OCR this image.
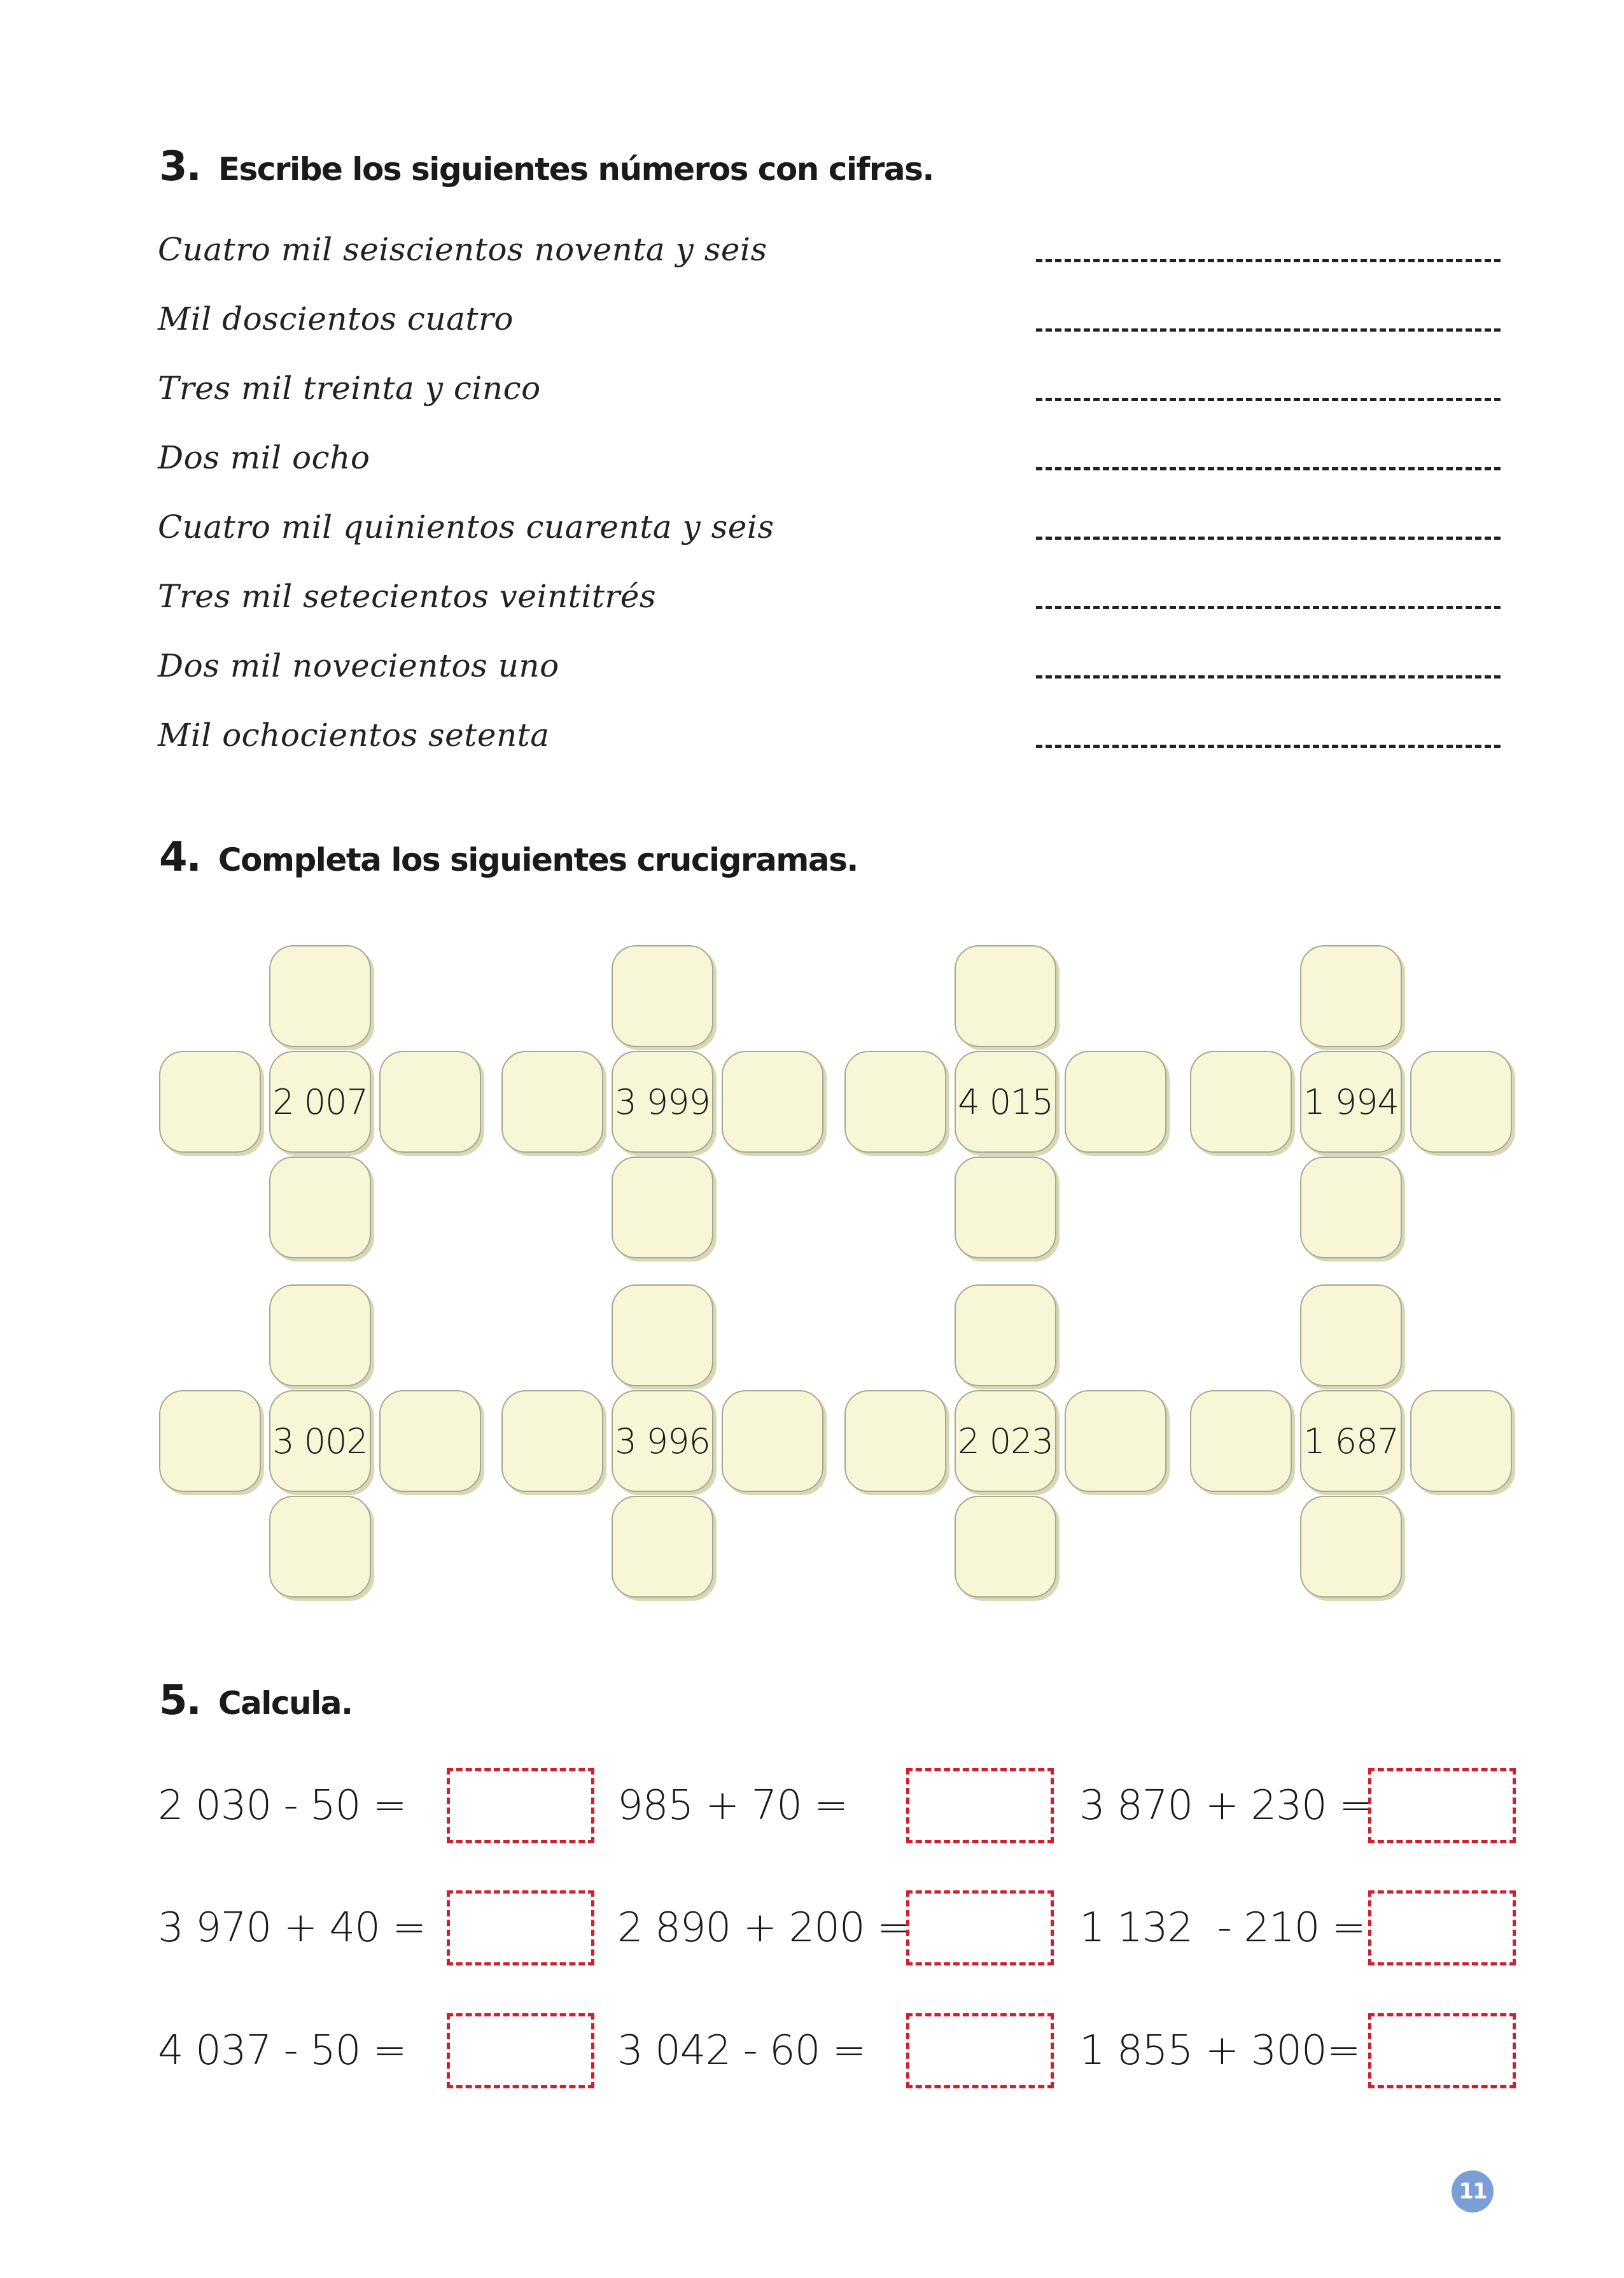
3. Escribe los siguientes números con cifras.
Cuatro mil seiscientos noventa y seis
Mil doscientos cuatro
Tres mil treinta y cinco
Dos mil ocho
Cuatro mil quinientos cuarenta y seis
Tres mil setecientos veintitrés
Dos mil novecientos uno
Mil ochocientos setenta
4. Completa los siguientes crucigramas.
2 007	3 999	4 015	1 994
3 002	3 996	2 023	1 687
5. Calcula.
2 030 - 50 =	985 + 70 =	3 870 + 230 =
3 970 + 40 =	2 890 + 200 =	1 132  - 210 =
4 037 - 50 =	3 042 - 60 =	1 855 + 300=
11
